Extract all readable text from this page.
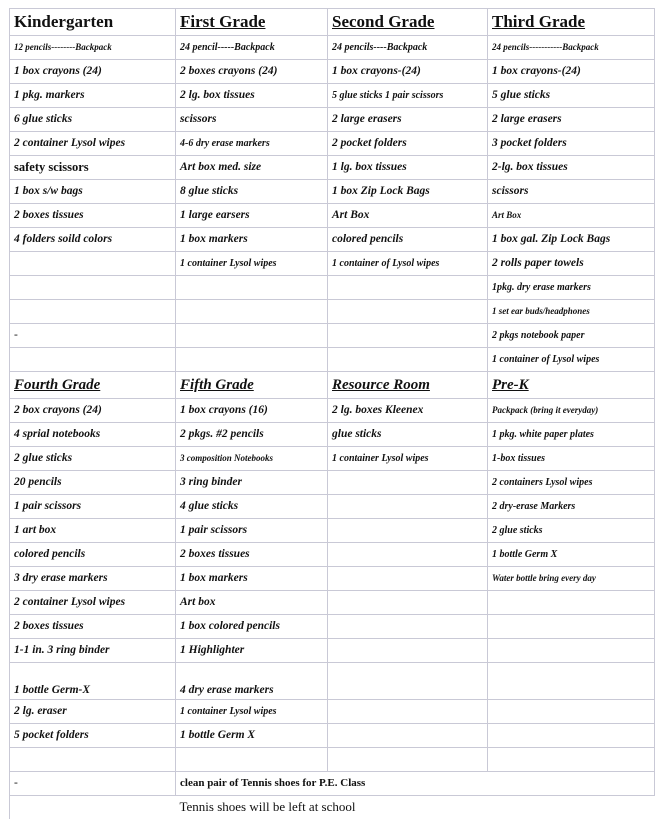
Kindergarten	First Grade	Second Grade	Third Grade
12 pencils--------Backpack	24 pencil-----Backpack	24 pencils----Backpack	24 pencils-----------Backpack
1 box crayons (24)	2 boxes crayons (24)	1 box crayons-(24)	1 box crayons-(24)
1 pkg. markers	2 lg. box tissues	5 glue sticks 1 pair scissors	5 glue sticks
6 glue sticks	scissors	2 large erasers	2 large erasers
2 container Lysol wipes	4-6 dry erase markers	2 pocket folders	3 pocket folders
safety scissors	Art box med. size	1 lg. box tissues	2-lg. box tissues
1 box s/w bags	8 glue sticks	1 box Zip Lock Bags	scissors
2 boxes tissues	1 large earsers	Art Box	Art Box
4 folders soild colors	1 box markers	colored pencils	1 box gal. Zip Lock Bags
	1 container Lysol wipes	1 container of Lysol wipes	2 rolls paper towels
			1pkg. dry erase markers
			1 set ear buds/headphones
-			2 pkgs notebook paper
			1 container of Lysol wipes
Fourth Grade	Fifth Grade	Resource Room	Pre-K
2 box crayons (24)	1 box crayons (16)	2 lg. boxes Kleenex	Packpack (bring it everyday)
4 sprial notebooks	2 pkgs. #2 pencils	glue sticks	1 pkg. white paper plates
2 glue sticks	3 composition Notebooks	1 container Lysol wipes	1-box tissues
20 pencils	3 ring binder		2 containers Lysol wipes
1 pair scissors	4 glue sticks		2 dry-erase Markers
1 art box	1 pair scissors		2 glue sticks
colored pencils	2 boxes tissues		1 bottle Germ X
3 dry erase markers	1 box markers		Water bottle bring every day
2 container Lysol wipes	Art box		
2 boxes tissues	1 box colored pencils		
1-1 in. 3 ring binder	1 Highlighter		
1 bottle Germ-X	4 dry erase markers		
2 lg. eraser	1 container Lysol wipes		
5 pocket folders	1 bottle Germ X		

-	clean pair of Tennis shoes for P.E. Class		
	Tennis shoes will be left at school		
